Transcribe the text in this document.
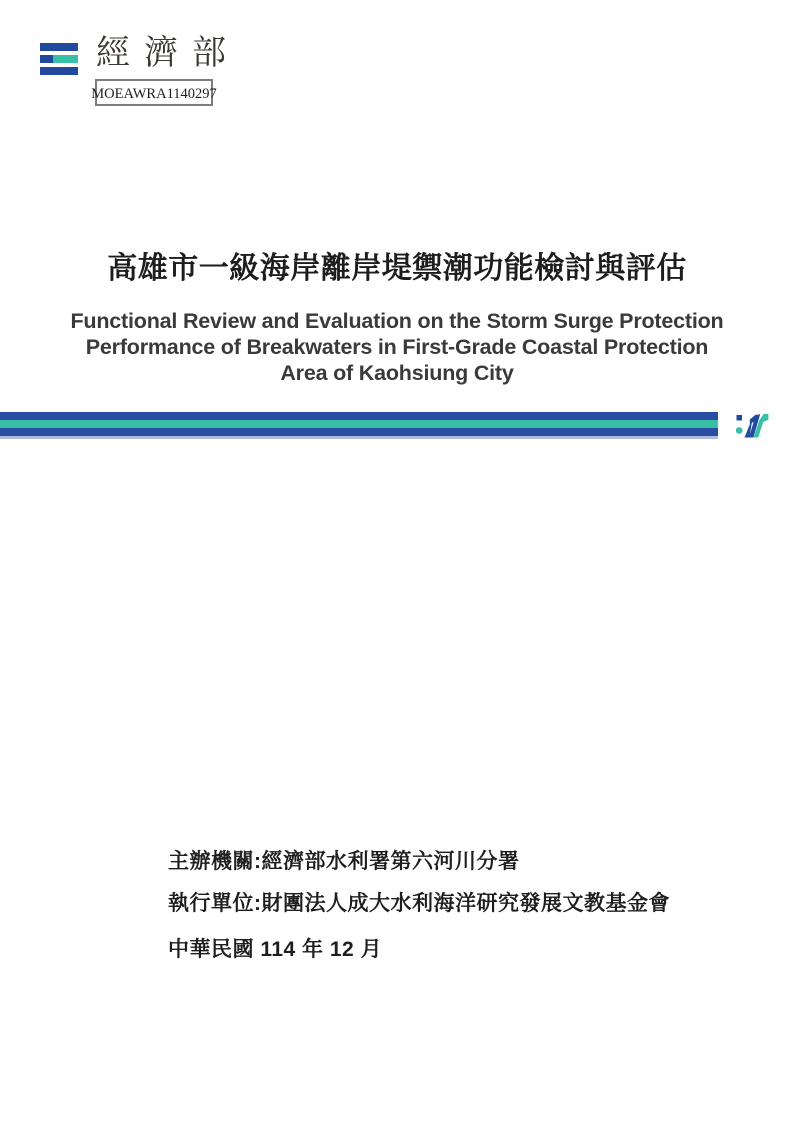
經濟部
MOEAWRA1140297
高雄市一級海岸離岸堤禦潮功能檢討與評估
Functional Review and Evaluation on the Storm Surge Protection
Performance of Breakwaters in First-Grade Coastal Protection
Area of Kaohsiung City
主辦機關:經濟部水利署第六河川分署
執行單位:財團法人成大水利海洋研究發展文教基金會
中華民國 114 年 12 月
